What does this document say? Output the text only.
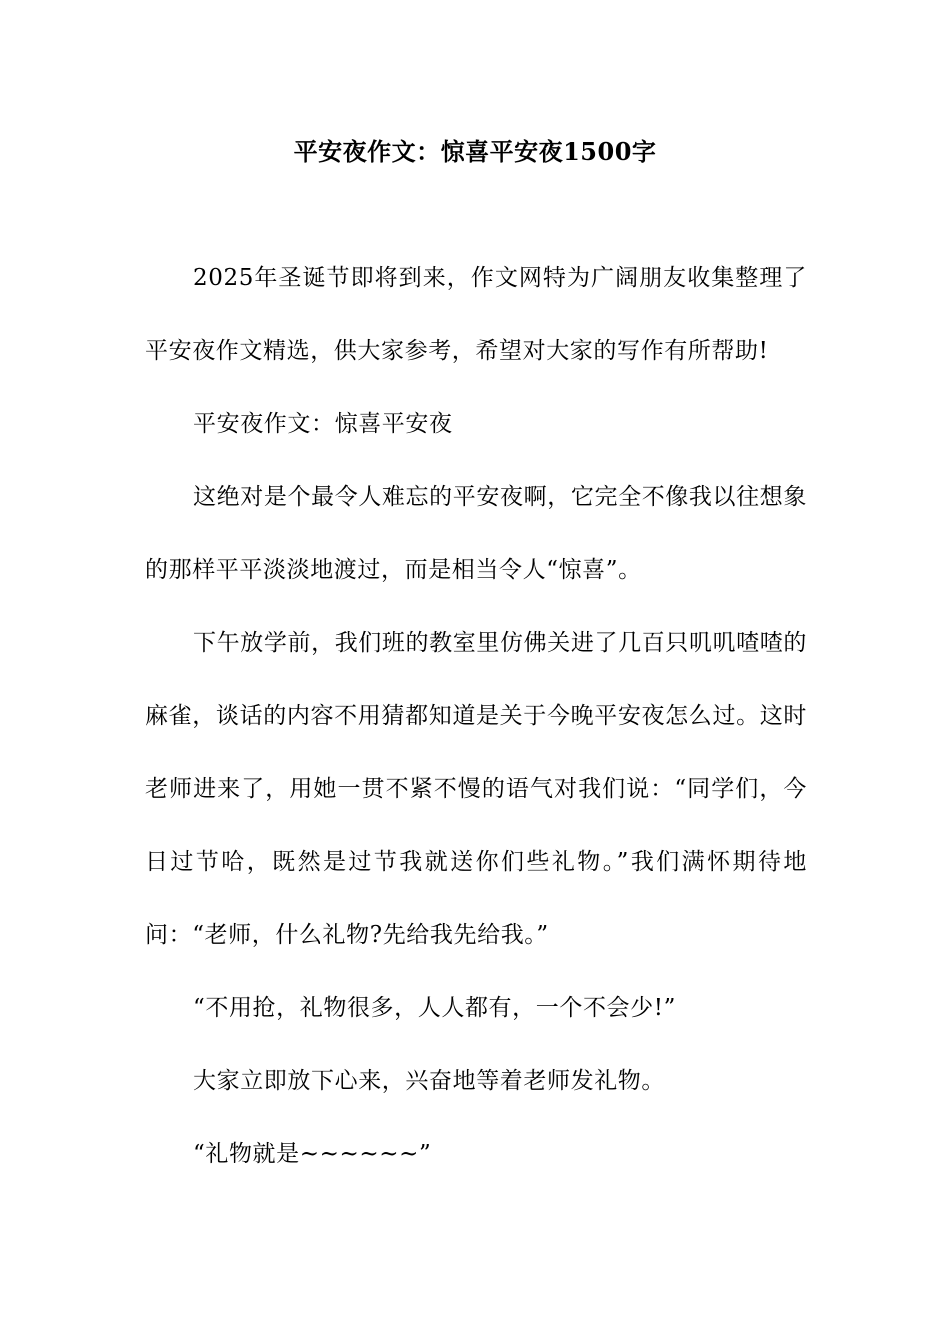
平安夜作文：惊喜平安夜1500字

2025年圣诞节即将到来，作文网特为广阔朋友收集整理了平安夜作文精选，供大家参考，希望对大家的写作有所帮助!

平安夜作文：惊喜平安夜

这绝对是个最令人难忘的平安夜啊，它完全不像我以往想象的那样平平淡淡地渡过，而是相当令人“惊喜”。

下午放学前，我们班的教室里仿佛关进了几百只叽叽喳喳的麻雀，谈话的内容不用猜都知道是关于今晚平安夜怎么过。这时老师进来了，用她一贯不紧不慢的语气对我们说：“同学们，今日过节哈，既然是过节我就送你们些礼物。”我们满怀期待地问：“老师，什么礼物?先给我先给我。”

“不用抢，礼物很多，人人都有，一个不会少!”

大家立即放下心来，兴奋地等着老师发礼物。

“礼物就是~~~~~~”
